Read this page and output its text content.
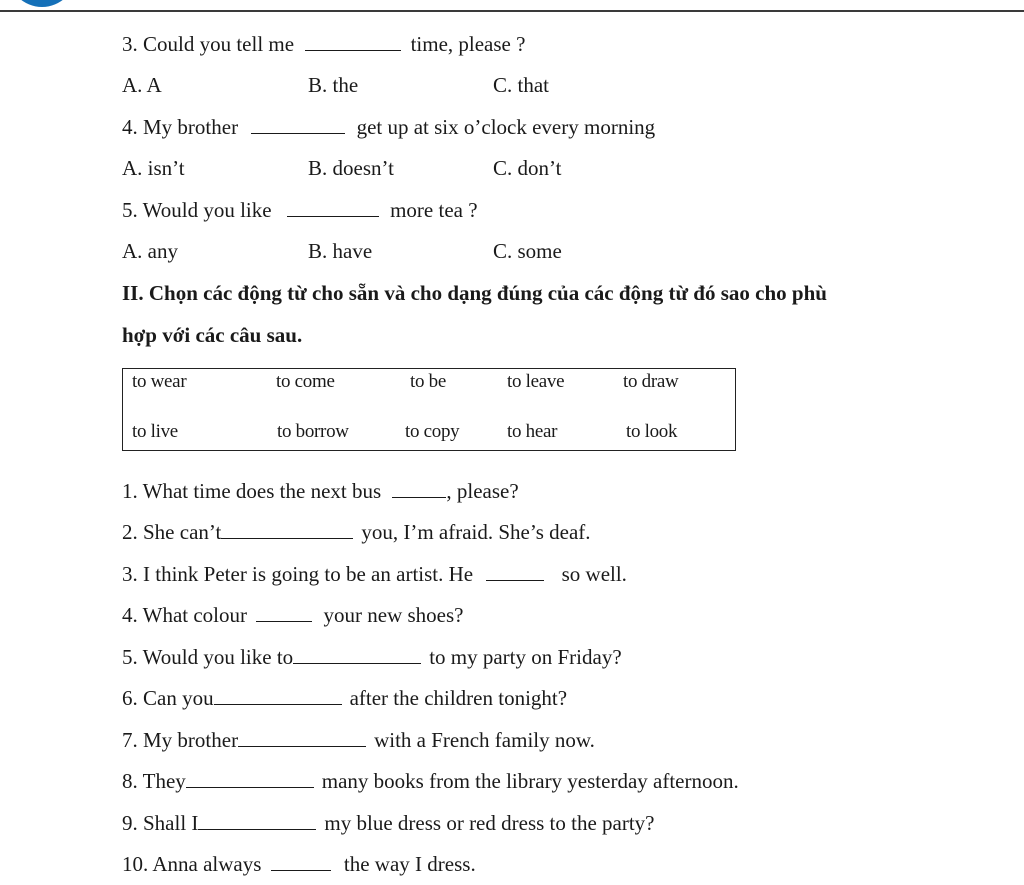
3. Could you tell me	time, please ?
A. A	B. the	C. that
4. My brother	get up at six o’clock every morning
A. isn’t	B. doesn’t	C. don’t
5. Would you like	more tea ?
A. any	B. have	C. some
II. Chọn các động từ cho sẵn và cho dạng đúng của các động từ đó sao cho phù
hợp với các câu sau.
to wear	to come	to be	to leave	to draw
to live	to borrow	to copy	to hear	to look
1. What time does the next bus	, please?
2. She can’t	you, I’m afraid. She’s deaf.
3. I think Peter is going to be an artist. He	so well.
4. What colour	your new shoes?
5. Would you like to	to my party on Friday?
6. Can you	after the children tonight?
7. My brother	with a French family now.
8. They	many books from the library yesterday afternoon.
9. Shall I	my blue dress or red dress to the party?
10. Anna always	the way I dress.
